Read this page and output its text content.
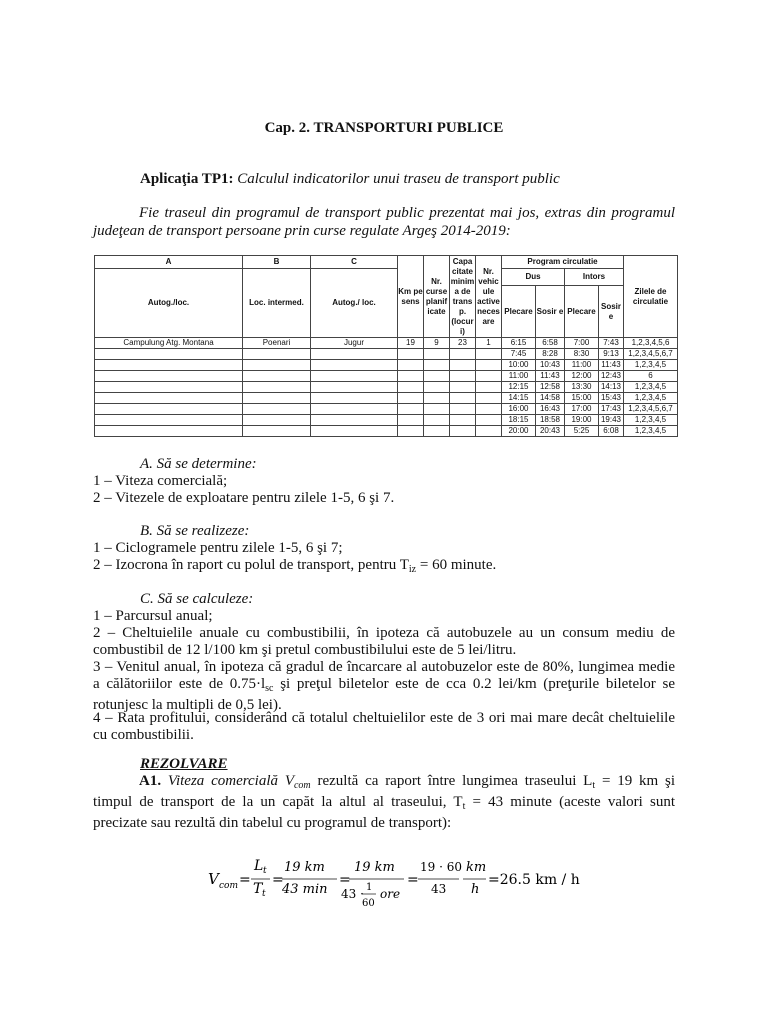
Cap. 2. TRANSPORTURI PUBLICE
Aplicaţia TP1: Calculul indicatorilor unui traseu de transport public
Fie traseul din programul de transport public prezentat mai jos, extras din programul judeţean de transport persoane prin curse regulate Argeş 2014-2019:
A	B	C	Km pe sens	Nr. curse planif icate	Capa citate minim a de trans p. (locur i)	Nr. vehic ule active neces are	Program circulatie				Zilele de circulatie
Autog./loc.	Loc. intermed.	Autog./ loc.					Dus		Intors		
							Plecare	Sosir e	Plecare	Sosir e	
Campulung Atg. Montana	Poenari	Jugur	19	9	23	1	6:15	6:58	7:00	7:43	1,2,3,4,5,6
							7:45	8:28	8:30	9:13	1,2,3,4,5,6,7
							10:00	10:43	11:00	11:43	1,2,3,4,5
							11:00	11:43	12:00	12:43	6
							12:15	12:58	13:30	14:13	1,2,3,4,5
							14:15	14:58	15:00	15:43	1,2,3,4,5
							16:00	16:43	17:00	17:43	1,2,3,4,5,6,7
							18:15	18:58	19:00	19:43	1,2,3,4,5
							20:00	20:43	5:25	6:08	1,2,3,4,5
A. Să se determine:
1 – Viteza comercială;
2 – Vitezele de exploatare pentru zilele 1-5, 6 şi 7.
B. Să se realizeze:
1 – Ciclogramele pentru zilele 1-5, 6 şi 7;
2 – Izocrona în raport cu polul de transport, pentru $T_{iz} = 60$ minute.
C. Să se calculeze:
1 – Parcursul anual;
2 – Cheltuielile anuale cu combustibilii, în ipoteza că autobuzele au un consum mediu de combustibil de 12 l/100 km şi pretul combustibilului este de 5 lei/litru.
3 – Venitul anual, în ipoteza că gradul de încarcare al autobuzelor este de 80%, lungimea medie a călătoriilor este de $0.75\cdot l_{sc}$ şi preţul biletelor este de cca 0.2 lei/km (preţurile biletelor se rotunjesc la multipli de 0,5 lei).
4 – Rata profitului, considerând că totalul cheltuielilor este de 3 ori mai mare decât cheltuielile cu combustibilii.
REZOLVARE
A1. Viteza comercială $V_{com}$ rezultă ca raport între lungimea traseului $L_t = 19$ km şi timpul de transport de la un capăt la altul al traseului, $T_t = 43$ minute (aceste valori sunt precizate sau rezultă din tabelul cu programul de transport):
V com =
L t
T t
=
19 km
43 min
=
19 km
43 · 1
60
ore
=
19 · 60
43
km
h
=26.5 km / h
